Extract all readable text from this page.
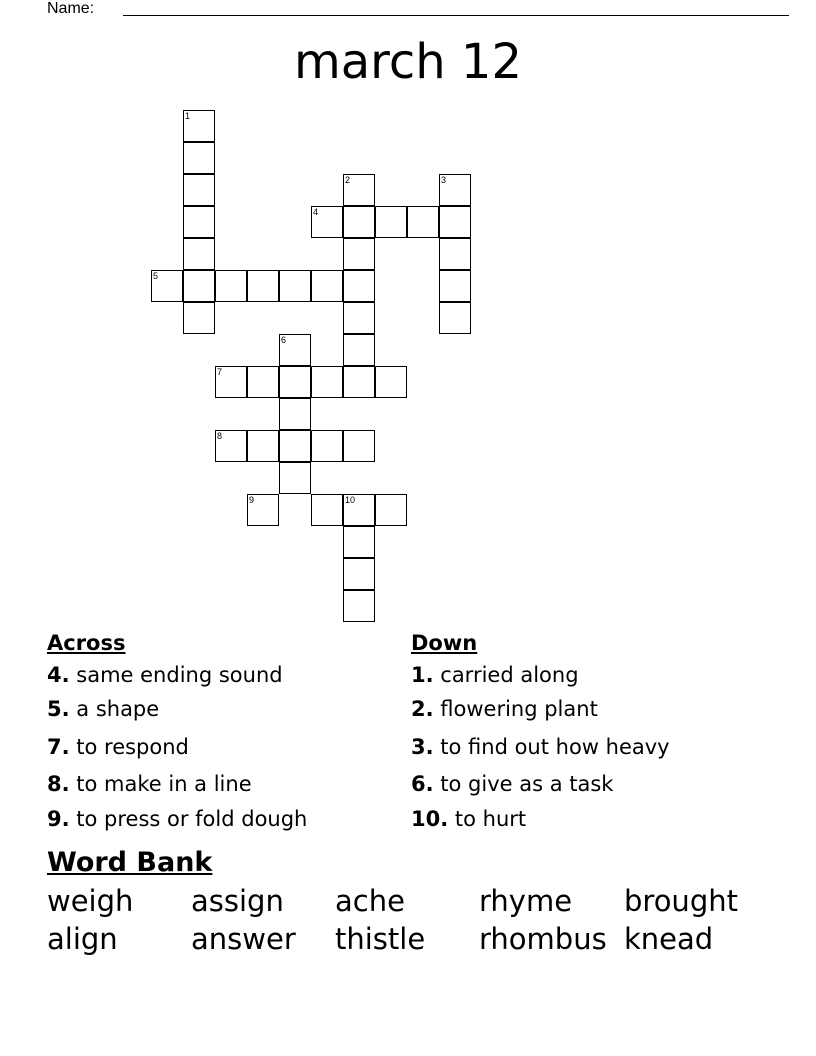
Name:
march 12
1
2	3
4
5
6
7
8
9	10
Across	Down
4. same ending sound
5. a shape
7. to respond
8. to make in a line
9. to press or fold dough
1. carried along
2. flowering plant
3. to find out how heavy
6. to give as a task
10. to hurt
Word Bank
weigh assign ache	rhyme brought
align	answer thistle rhombus knead
